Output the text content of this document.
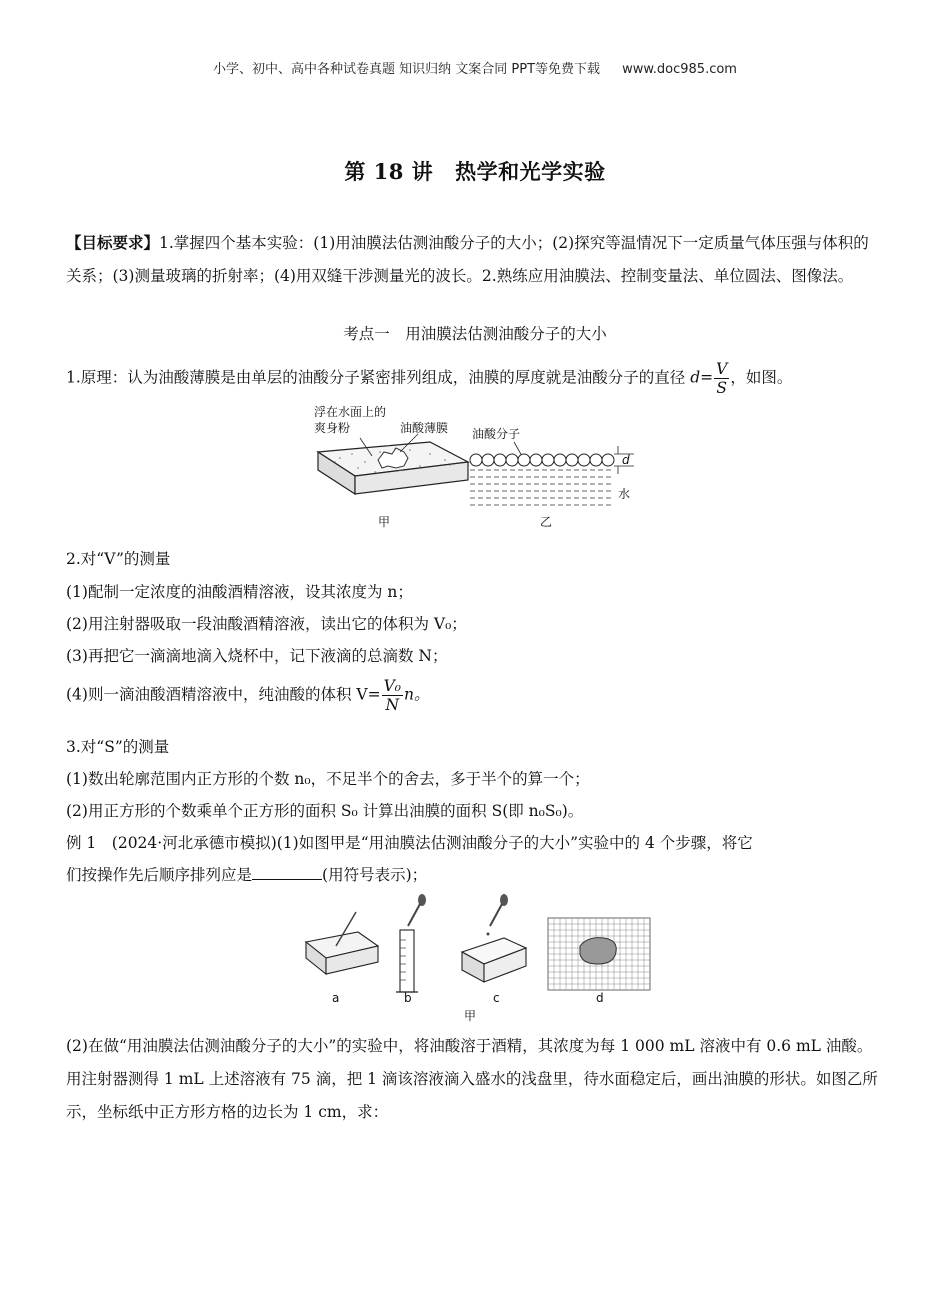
小学、初中、高中各种试卷真题 知识归纳 文案合同 PPT等免费下载 www.doc985.com
第 18 讲 热学和光学实验
【目标要求】1.掌握四个基本实验：(1)用油膜法估测油酸分子的大小；(2)探究等温情况下一定质量气体压强与体积的关系；(3)测量玻璃的折射率；(4)用双缝干涉测量光的波长。2.熟练应用油膜法、控制变量法、单位圆法、图像法。
考点一　用油膜法估测油酸分子的大小
1.原理：认为油酸薄膜是由单层的油酸分子紧密排列组成，油膜的厚度就是油酸分子的直径 $d= \frac{V}{S}$ ，如图。
浮在水面上的
爽身粉	油酸薄膜
甲
油酸分子
d
水
乙
2.对“V”的测量
(1)配制一定浓度的油酸酒精溶液，设其浓度为 n；
(2)用注射器吸取一段油酸酒精溶液，读出它的体积为 V₀；
(3)再把它一滴滴地滴入烧杯中，记下液滴的总滴数 N；
(4)则一滴油酸酒精溶液中，纯油酸的体积 $V= \frac{\text{V₀}}{N}$ n。
3.对“S”的测量
(1)数出轮廓范围内正方形的个数 n₀，不足半个的舍去，多于半个的算一个；
(2)用正方形的个数乘单个正方形的面积 S₀ 计算出油膜的面积 S(即 n₀S₀)。
例 1　(2024·河北承德市模拟)(1)如图甲是“用油膜法估测油酸分子的大小”实验中的 4 个步骤，将它
们按操作先后顺序排列应是	(用符号表示)；
a	b	c	d
甲
(2)在做“用油膜法估测油酸分子的大小”的实验中，将油酸溶于酒精，其浓度为每 1 000 mL 溶液中有 0.6 mL 油酸。用注射器测得 1 mL 上述溶液有 75 滴，把 1 滴该溶液滴入盛水的浅盘里，待水面稳定后，画出油膜的形状。如图乙所示，坐标纸中正方形方格的边长为 1 cm，求：
